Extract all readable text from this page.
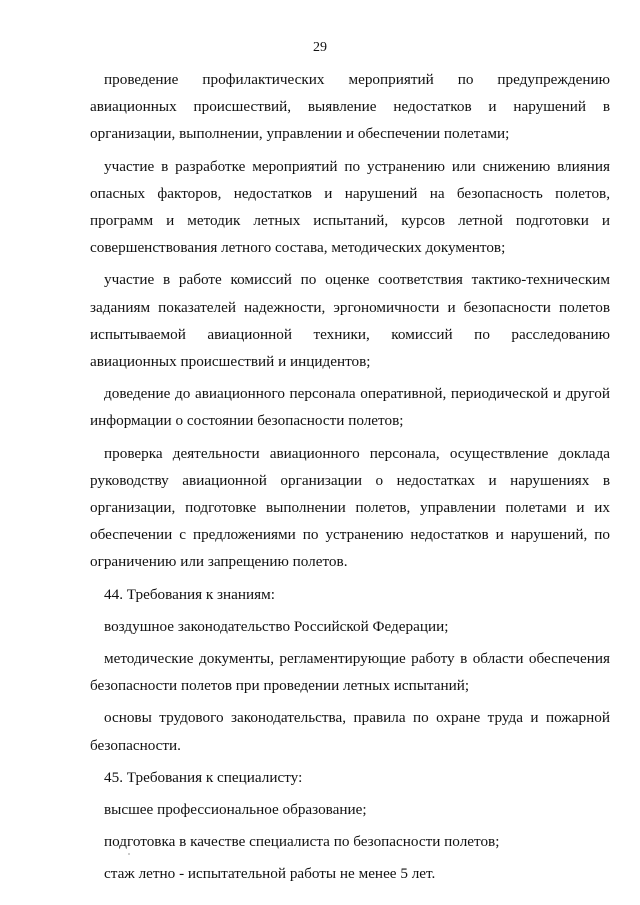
29

проведение профилактических мероприятий по предупреждению авиационных происшествий, выявление недостатков и нарушений в организации, выполнении, управлении и обеспечении полетами;

участие в разработке мероприятий по устранению или снижению влияния опасных факторов, недостатков и нарушений на безопасность полетов, программ и методик летных испытаний, курсов летной подготовки и совершенствования летного состава, методических документов;

участие в работе комиссий по оценке соответствия тактико-техническим заданиям показателей надежности, эргономичности и безопасности полетов испытываемой авиационной техники, комиссий по расследованию авиационных происшествий и инцидентов;

доведение до авиационного персонала оперативной, периодической и другой информации о состоянии безопасности полетов;

проверка деятельности авиационного персонала, осуществление доклада руководству авиационной организации о недостатках и нарушениях в организации, подготовке выполнении полетов, управлении полетами и их обеспечении с предложениями по устранению недостатков и нарушений, по ограничению или запрещению полетов.

44. Требования к знаниям:

воздушное законодательство Российской Федерации;

методические документы, регламентирующие работу в области обеспечения безопасности полетов при проведении летных испытаний;

основы трудового законодательства, правила по охране труда и пожарной безопасности.

45. Требования к специалисту:

высшее профессиональное образование;

подготовка в качестве специалиста по безопасности полетов;

стаж летно - испытательной работы не менее 5 лет.
